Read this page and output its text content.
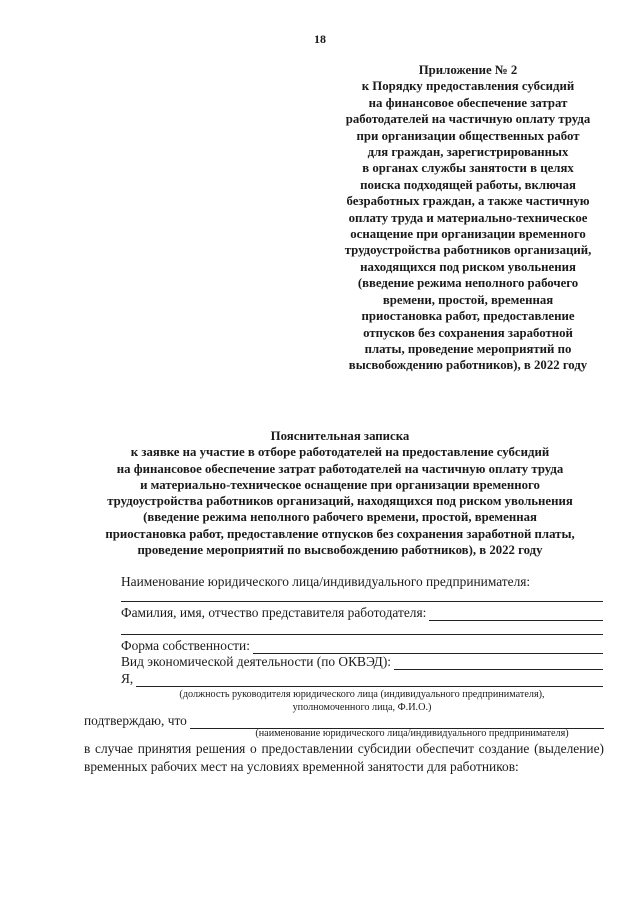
18
Приложение № 2
к Порядку предоставления субсидий
на финансовое обеспечение затрат
работодателей на частичную оплату труда
при организации общественных работ
для граждан, зарегистрированных
в органах службы занятости в целях
поиска подходящей работы, включая
безработных граждан, а также частичную
оплату труда и материально-техническое
оснащение при организации временного
трудоустройства работников организаций,
находящихся под риском увольнения
(введение режима неполного рабочего
времени, простой, временная
приостановка работ, предоставление
отпусков без сохранения заработной
платы, проведение мероприятий по
высвобождению работников), в 2022 году
Пояснительная записка
к заявке на участие в отборе работодателей на предоставление субсидий
на финансовое обеспечение затрат работодателей на частичную оплату труда
и материально-техническое оснащение при организации временного
трудоустройства работников организаций, находящихся под риском увольнения
(введение режима неполного рабочего времени, простой, временная
приостановка работ, предоставление отпусков без сохранения заработной платы,
проведение мероприятий по высвобождению работников), в 2022 году
Наименование юридического лица/индивидуального предпринимателя:
Фамилия, имя, отчество представителя работодателя:
Форма собственности:
Вид экономической деятельности (по ОКВЭД):
Я,
(должность руководителя юридического лица (индивидуального предпринимателя),
уполномоченного лица, Ф.И.О.)
подтверждаю, что
(наименование юридического лица/индивидуального предпринимателя)
в случае принятия решения о предоставлении субсидии обеспечит создание (выделение) временных рабочих мест на условиях временной занятости для работников:
